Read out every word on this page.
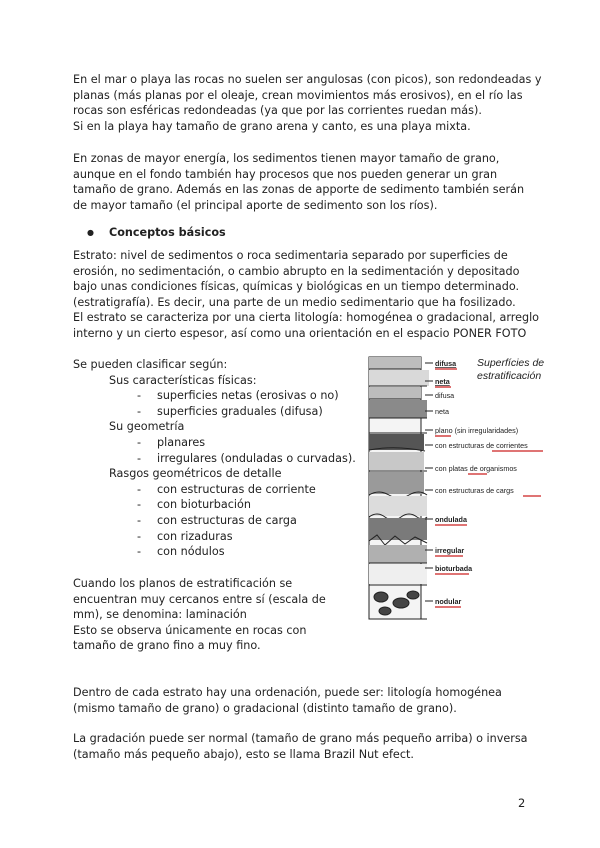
En el mar o playa las rocas no suelen ser angulosas (con picos), son redondeadas y
planas (más planas por el oleaje, crean movimientos más erosivos), en el río las
rocas son esféricas redondeadas (ya que por las corrientes ruedan más).
Si en la playa hay tamaño de grano arena y canto, es una playa mixta.
En zonas de mayor energía, los sedimentos tienen mayor tamaño de grano,
aunque en el fondo también hay procesos que nos pueden generar un gran
tamaño de grano. Además en las zonas de apporte de sedimento también serán
de mayor tamaño (el principal aporte de sedimento son los ríos).
● Conceptos básicos
Estrato: nivel de sedimentos o roca sedimentaria separado por superficies de
erosión, no sedimentación, o cambio abrupto en la sedimentación y depositado
bajo unas condiciones físicas, químicas y biológicas en un tiempo determinado.
(estratigrafía). Es decir, una parte de un medio sedimentario que ha fosilizado.
El estrato se caracteriza por una cierta litología: homogénea o gradacional, arreglo
interno y un cierto espesor, así como una orientación en el espacio PONER FOTO
Se pueden clasificar según:
Sus características físicas:
- superficies netas (erosivas o no)
- superficies graduales (difusa)
Su geometría
- planares
- irregulares (onduladas o curvadas).
Rasgos geométricos de detalle
- con estructuras de corriente
- con bioturbación
- con estructuras de carga
- con rizaduras
- con nódulos
Cuando los planos de estratificación se
encuentran muy cercanos entre sí (escala de
mm), se denomina: laminación
Esto se observa únicamente en rocas con
tamaño de grano fino a muy fino.
Superfícies de
estratificación
difusa
neta
difusa
neta
plano (sin irregularidades)
con estructuras de corrientes
con platas de organismos
con estructuras de cargs
ondulada
irregular
bioturbada
nodular
Dentro de cada estrato hay una ordenación, puede ser: litología homogénea
(mismo tamaño de grano) o gradacional (distinto tamaño de grano).
La gradación puede ser normal (tamaño de grano más pequeño arriba) o inversa
(tamaño más pequeño abajo), esto se llama Brazil Nut efect.
2
